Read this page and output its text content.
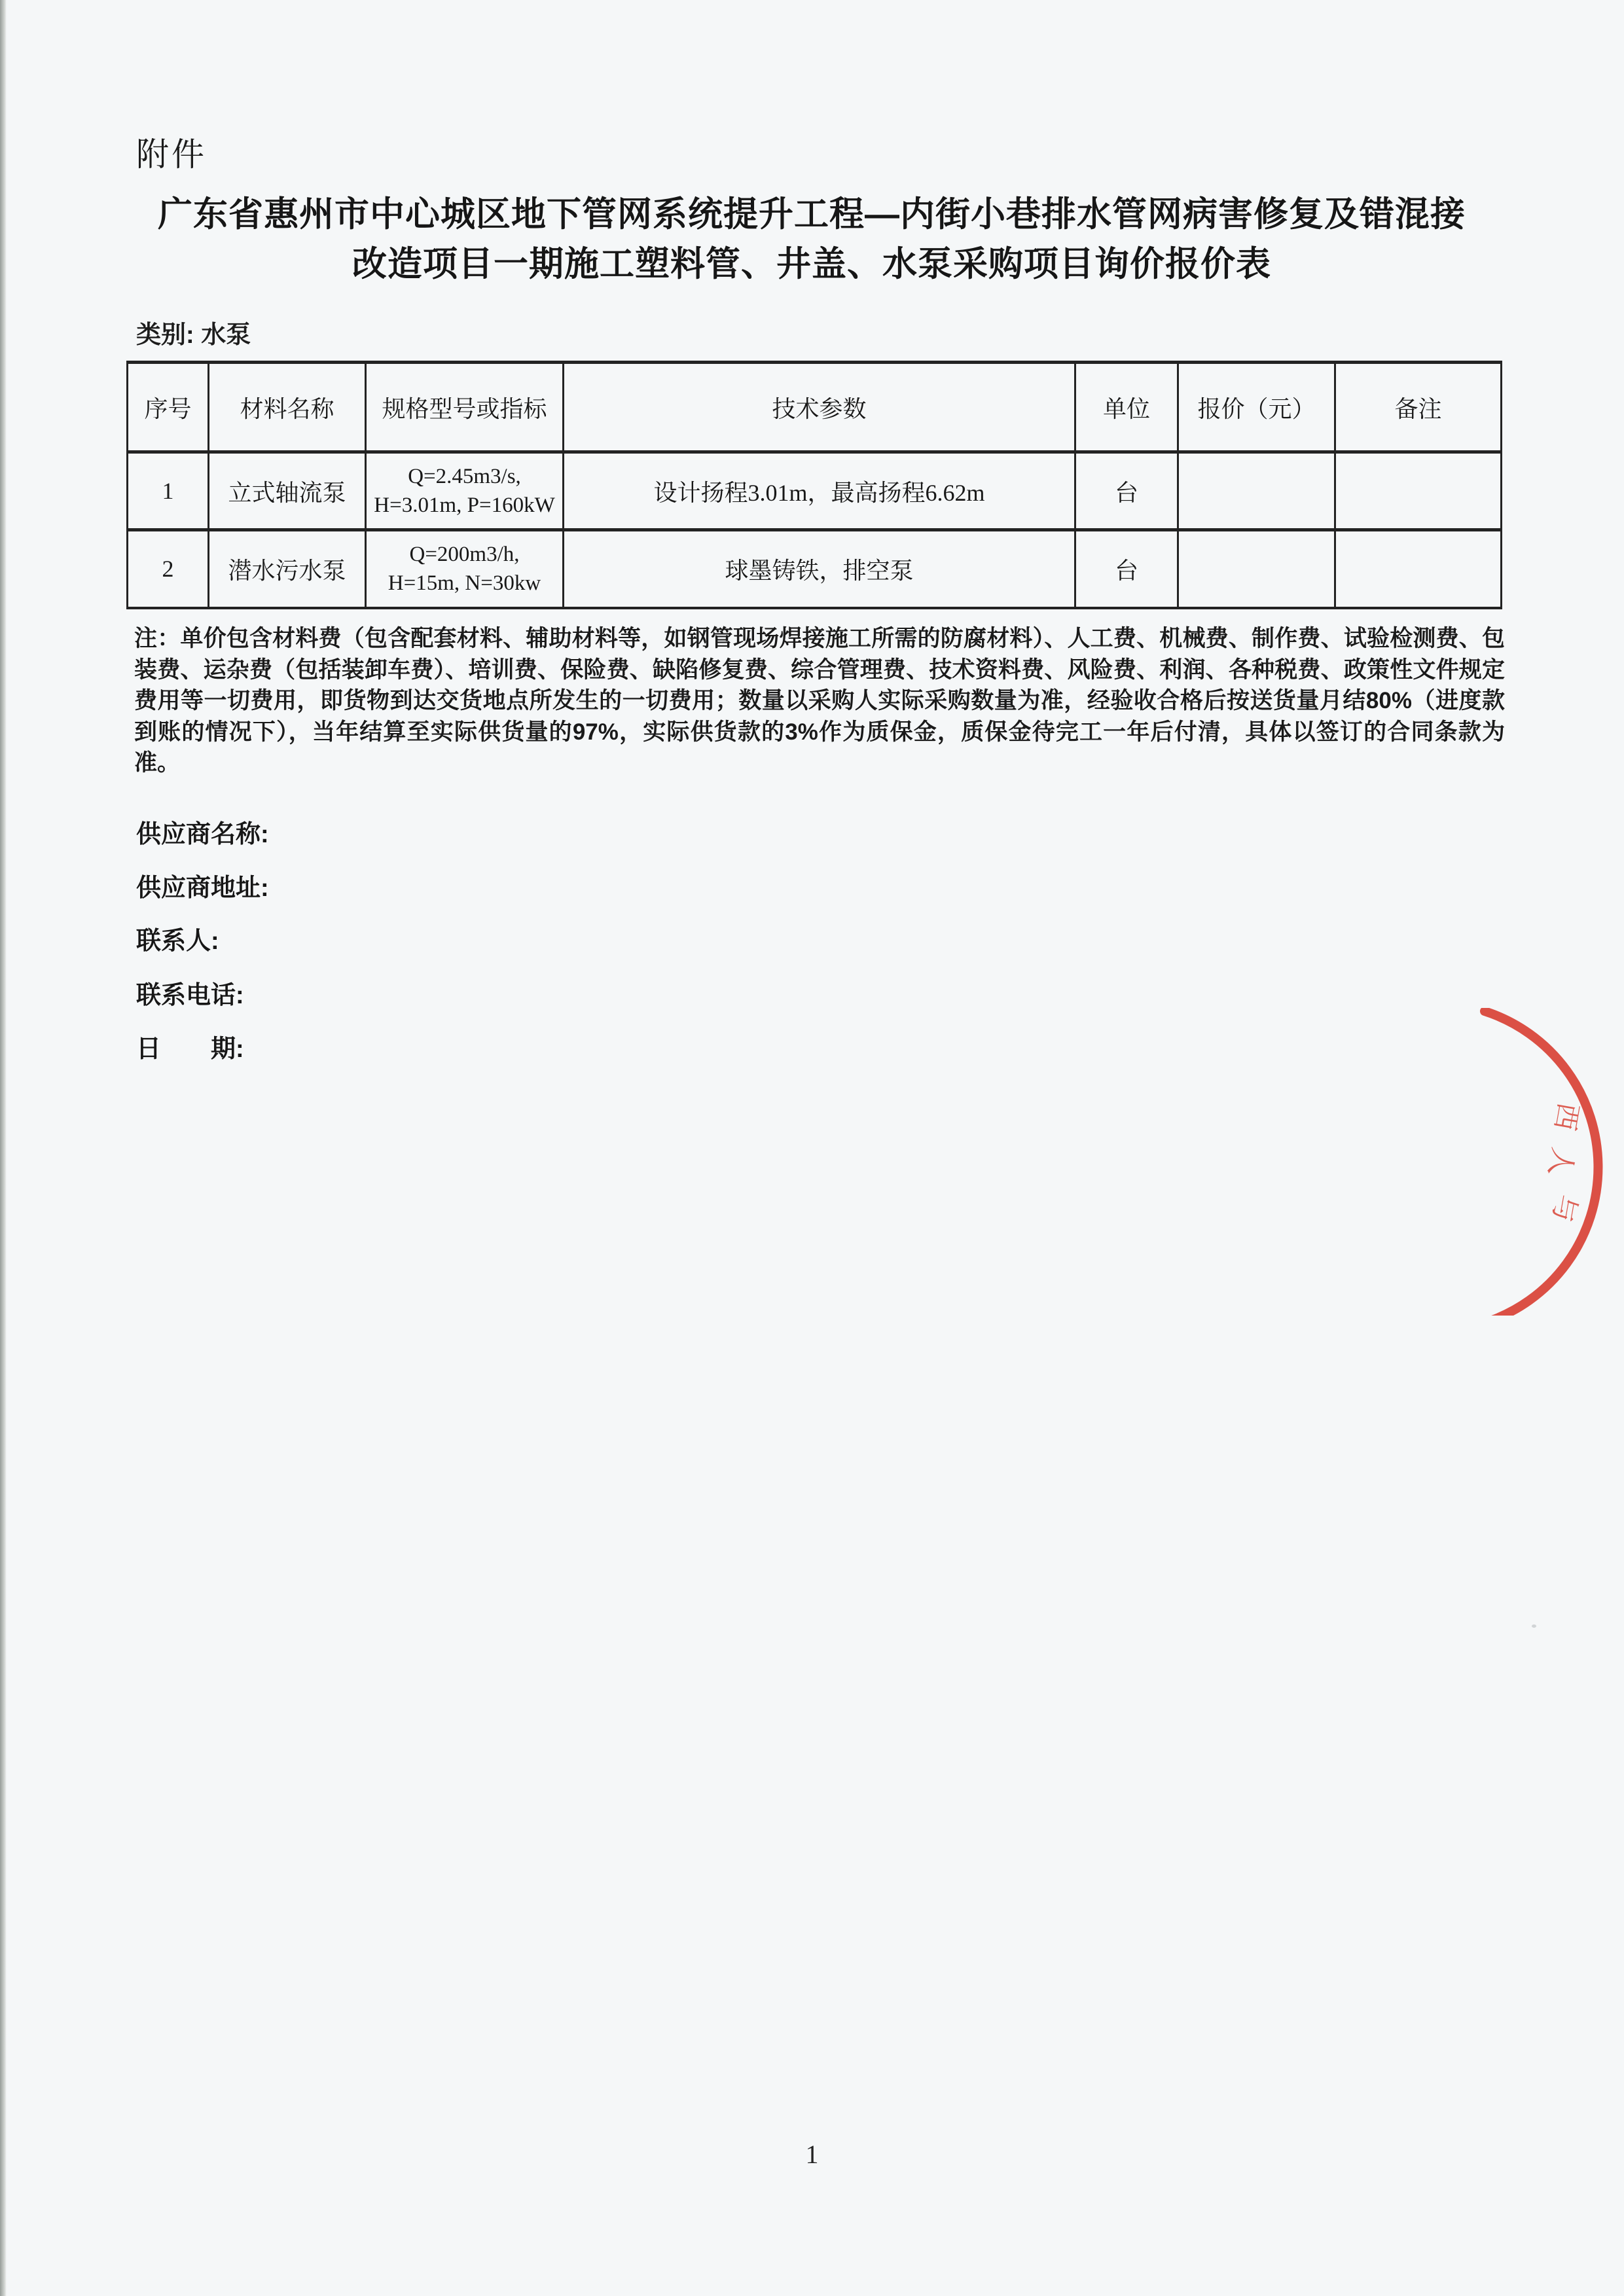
附件
广东省惠州市中心城区地下管网系统提升工程—内街小巷排水管网病害修复及错混接
改造项目一期施工塑料管、井盖、水泵采购项目询价报价表
类别: 水泵
序号	材料名称	规格型号或指标	技术参数	单位	报价（元）	备注
1	立式轴流泵	Q=2.45m3/s,
H=3.01m, P=160kW	设计扬程3.01m，最高扬程6.62m	台		
2	潜水污水泵	Q=200m3/h,
H=15m, N=30kw	球墨铸铁，排空泵	台		
注：单价包含材料费（包含配套材料、辅助材料等，如钢管现场焊接施工所需的防腐材料）、人工费、机械费、制作费、试验检测费、包装费、运杂费（包括装卸车费）、培训费、保险费、缺陷修复费、综合管理费、技术资料费、风险费、利润、各种税费、政策性文件规定费用等一切费用，即货物到达交货地点所发生的一切费用；数量以采购人实际采购数量为准，经验收合格后按送货量月结80%（进度款到账的情况下），当年结算至实际供货量的97%，实际供货款的3%作为质保金，质保金待完工一年后付清，具体以签订的合同条款为准。
供应商名称:
供应商地址:
联系人:
联系电话:
日　　期:
西
人
与
1
